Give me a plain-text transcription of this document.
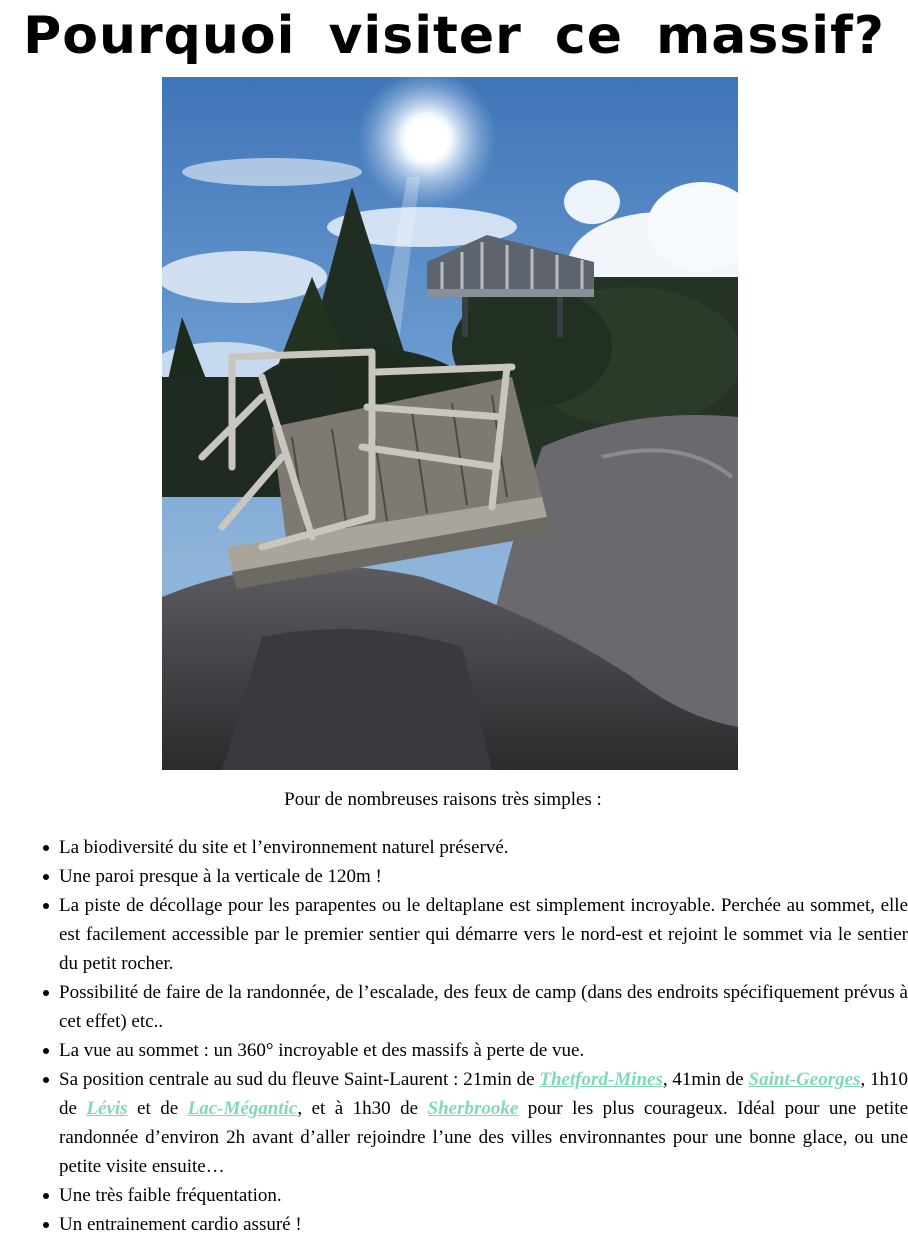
Pourquoi visiter ce massif?

Pour de nombreuses raisons très simples :

La biodiversité du site et l’environnement naturel préservé.
Une paroi presque à la verticale de 120m !
La piste de décollage pour les parapentes ou le deltaplane est simplement incroyable. Perchée au sommet, elle est facilement accessible par le premier sentier qui démarre vers le nord-est et rejoint le sommet via le sentier du petit rocher.
Possibilité de faire de la randonnée, de l’escalade, des feux de camp (dans des endroits spécifiquement prévus à cet effet) etc..
La vue au sommet : un 360° incroyable et des massifs à perte de vue.
Sa position centrale au sud du fleuve Saint-Laurent : 21min de Thetford-Mines, 41min de Saint-Georges, 1h10 de Lévis et de Lac-Mégantic, et à 1h30 de Sherbrooke pour les plus courageux. Idéal pour une petite randonnée d’environ 2h avant d’aller rejoindre l’une des villes environnantes pour une bonne glace, ou une petite visite ensuite…
Une très faible fréquentation.
Un entrainement cardio assuré !
